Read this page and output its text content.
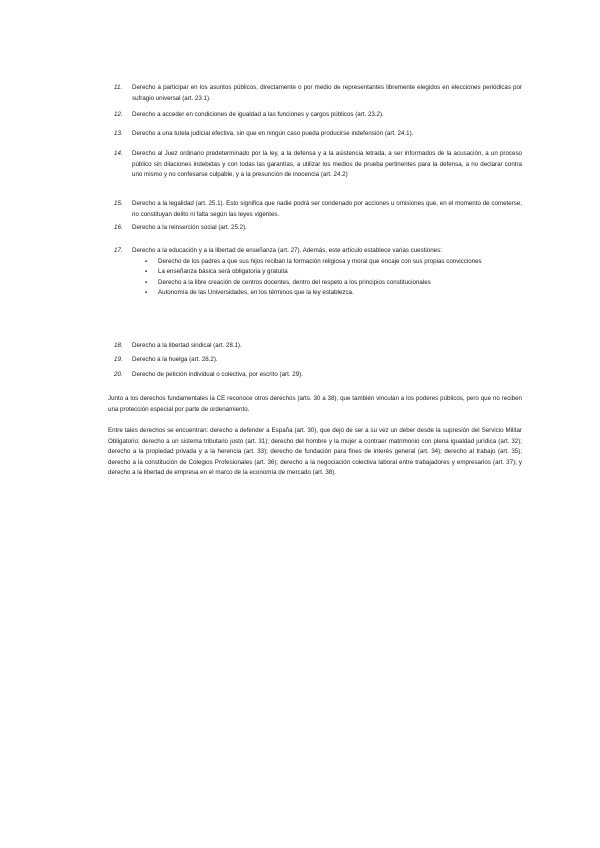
11.	Derecho a participar en los asuntos públicos, directamente o por medio de representantes libremente elegidos en elecciones periódicas por sufragio universal (art. 23.1).
12.	Derecho a acceder en condiciones de igualdad a las funciones y cargos públicos (art. 23.2).
13.	Derecho a una tutela judicial efectiva, sin que en ningún caso pueda producirse indefensión (art. 24.1).
14.	Derecho al Juez ordinario predeterminado por la ley, a la defensa y a la asistencia letrada, a ser informados de la acusación, a un proceso público sin dilaciones indebidas y con todas las garantías, a utilizar los medios de prueba pertinentes para la defensa, a no declarar contra uno mismo y no confesarse culpable, y a la presunción de inocencia (art. 24.2)
15.	Derecho a la legalidad (art. 25.1). Esto significa que nadie podrá ser condenado por acciones u omisiones que, en el momento de cometerse, no constituyan delito ni falta según las leyes vigentes.
16.	Derecho a la reinserción social (art. 25.2).
17.	Derecho a la educación y a la libertad de enseñanza (art. 27). Además, este artículo establece varias cuestiones:
▪ Derecho de los padres a que sus hijos reciban la formación religiosa y moral que encaje con sus propias convicciones
▪ La enseñanza básica será obligatoria y gratuita
▪ Derecho a la libre creación de centros docentes, dentro del respeto a los principios constitucionales
▪ Autonomía de las Universidades, en los términos que la ley establezca.
18.	Derecho a la libertad sindical (art. 28.1).
19.	Derecho a la huelga (art. 28.2).
20.	Derecho de petición individual o colectiva, por escrito (art. 29).
Junto a los derechos fundamentales la CE reconoce otros derechos (arts. 30 a 38), que también vinculan a los poderes públicos, pero que no reciben una protección especial por parte de ordenamiento.
Entre tales derechos se encuentran: derecho a defender a España (art. 30), que dejó de ser a su vez un deber desde la supresión del Servicio Militar Obligatorio; derecho a un sistema tributario justo (art. 31); derecho del hombre y la mujer a contraer matrimonio con plena igualdad jurídica (art. 32); derecho a la propiedad privada y a la herencia (art. 33); derecho de fundación para fines de interés general (art. 34); derecho al trabajo (art. 35); derecho a la constitución de Colegios Profesionales (art. 36); derecho a la negociación colectiva laboral entre trabajadores y empresarios (art. 37); y derecho a la libertad de empresa en el marco de la economía de mercado (art. 38).
